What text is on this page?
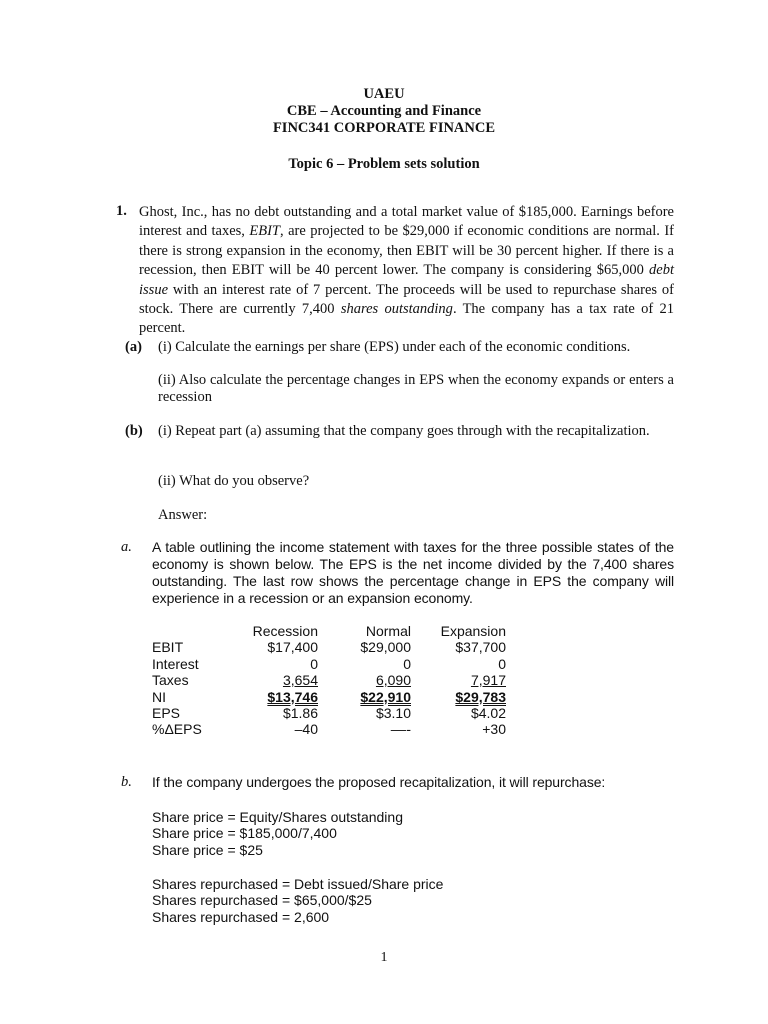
UAEU
CBE – Accounting and Finance
FINC341 CORPORATE FINANCE
Topic 6 – Problem sets solution
1. Ghost, Inc., has no debt outstanding and a total market value of $185,000. Earnings before interest and taxes, EBIT, are projected to be $29,000 if economic conditions are normal. If there is strong expansion in the economy, then EBIT will be 30 percent higher. If there is a recession, then EBIT will be 40 percent lower. The company is considering $65,000 debt issue with an interest rate of 7 percent. The proceeds will be used to repurchase shares of stock. There are currently 7,400 shares outstanding. The company has a tax rate of 21 percent.
(a) (i) Calculate the earnings per share (EPS) under each of the economic conditions.
(ii) Also calculate the percentage changes in EPS when the economy expands or enters a recession
(b) (i) Repeat part (a) assuming that the company goes through with the recapitalization.
(ii) What do you observe?
Answer:
a. A table outlining the income statement with taxes for the three possible states of the economy is shown below. The EPS is the net income divided by the 7,400 shares outstanding. The last row shows the percentage change in EPS the company will experience in a recession or an expansion economy.
	Recession	Normal	Expansion
EBIT	$17,400	$29,000	$37,700
Interest	0	0	0
Taxes	3,654	6,090	7,917
NI	$13,746	$22,910	$29,783
EPS	$1.86	$3.10	$4.02
%ΔEPS	–40	––-	+30
b. If the company undergoes the proposed recapitalization, it will repurchase:
Share price = Equity/Shares outstanding
Share price = $185,000/7,400
Share price = $25
Shares repurchased = Debt issued/Share price
Shares repurchased = $65,000/$25
Shares repurchased = 2,600
1
